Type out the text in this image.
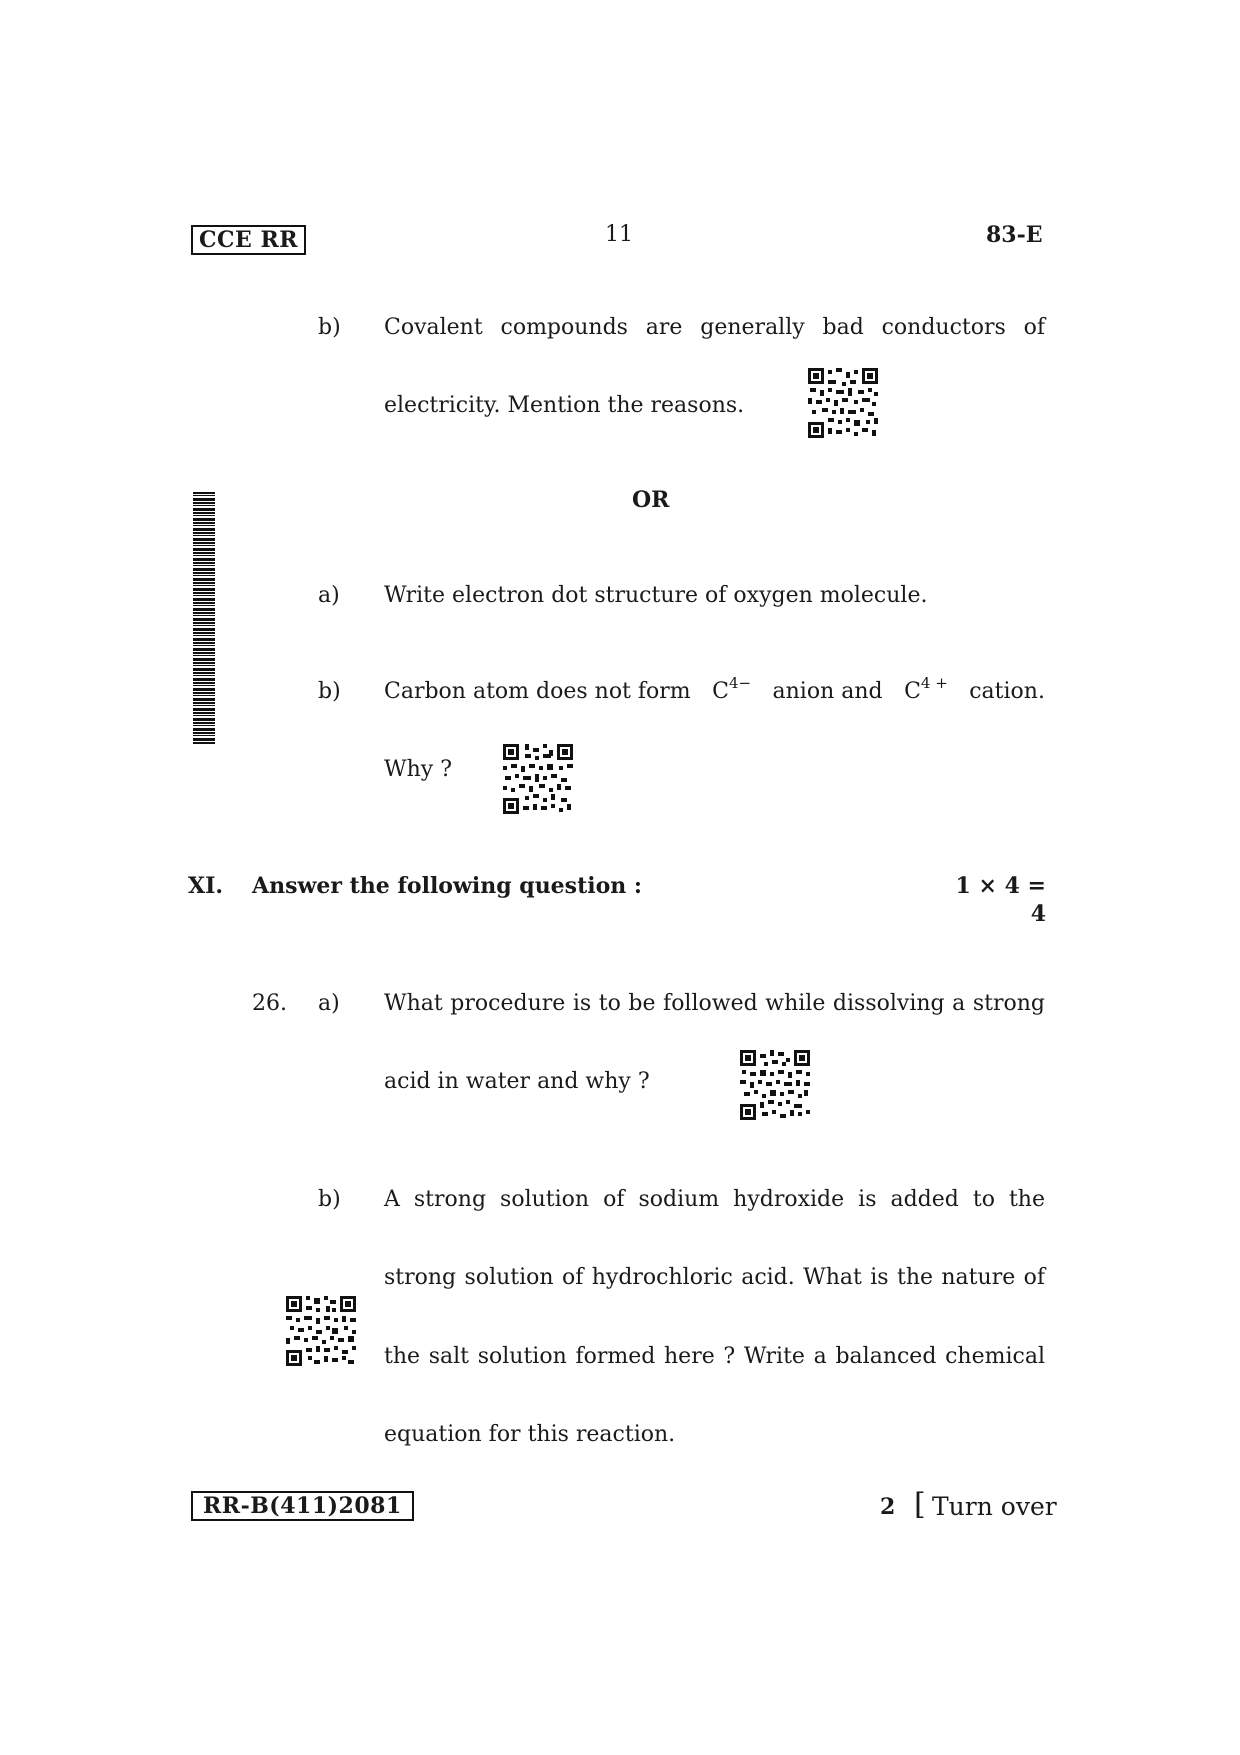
CCE RR	11	83-E
b) Covalent compounds are generally bad conductors of
electricity. Mention the reasons.
OR
a) Write electron dot structure of oxygen molecule.
b) Carbon atom does not form $C^{4-}$ anion and $C^{4 +}$ cation.
Why ?
XI. Answer the following question :	1 × 4 = 4
26. a) What procedure is to be followed while dissolving a strong
acid in water and why ?
b) A strong solution of sodium hydroxide is added to the
strong solution of hydrochloric acid. What is the nature of
the salt solution formed here ? Write a balanced chemical
equation for this reaction.
RR-B(411)2081	2 [ Turn over
